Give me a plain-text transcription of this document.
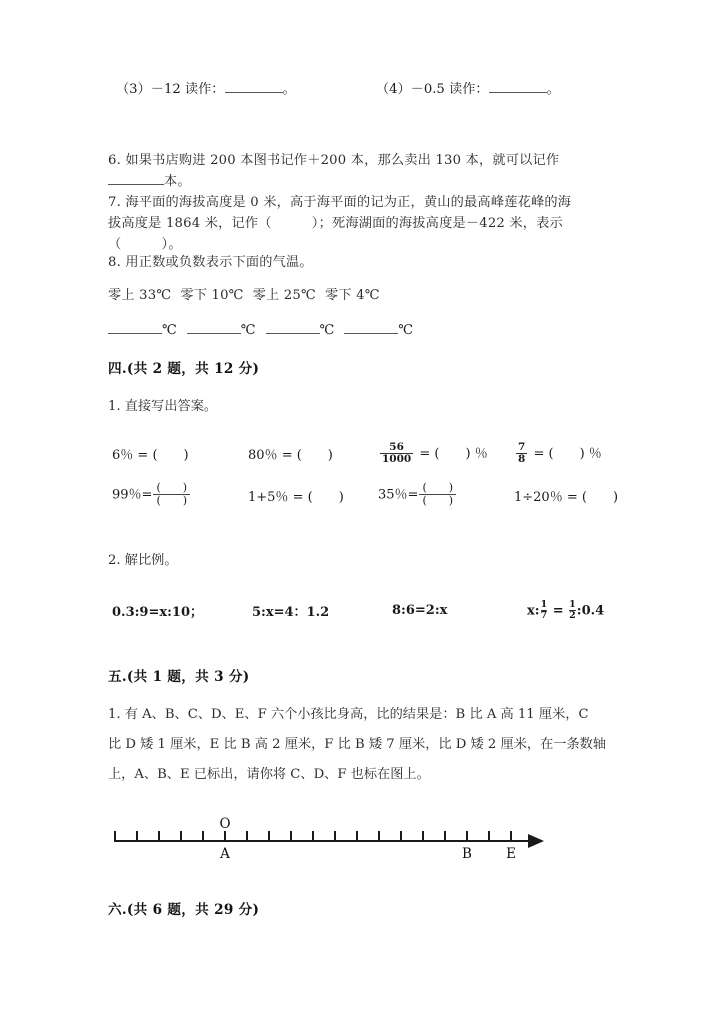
（3）－12 读作：	。	（4）－0.5 读作：	。
6. 如果书店购进 200 本图书记作＋200 本，那么卖出 130 本，就可以记作
本。
7. 海平面的海拔高度是 0 米，高于海平面的记为正，黄山的最高峰莲花峰的海
拔高度是 1864 米，记作（　　　）；死海湖面的海拔高度是－422 米，表示
（　　　）。
8. 用正数或负数表示下面的气温。
零上 33℃ 零下 10℃ 零上 25℃ 零下 4℃
℃	℃	℃	℃
四.(共 2 题，共 12 分)
1. 直接写出答案。
6％ = (　　)	80％ = (　　)	$\frac{56}{1000}$ = (　　) ％	$\frac{7}{8}$ = (　　) ％
99％= $\frac{( )}{( )}$	1+5％ = (　　)	35％= $\frac{( )}{( )}$	1÷20％ = (　　)
2. 解比例。
0.3:9=x:10；	5:x=4：1.2	8:6=2:x	x: $\frac{1}{7} = \frac{1}{2}$ :0.4
五.(共 1 题，共 3 分)
1. 有 A、B、C、D、E、F 六个小孩比身高，比的结果是：B 比 A 高 11 厘米，C
比 D 矮 1 厘米，E 比 B 高 2 厘米，F 比 B 矮 7 厘米，比 D 矮 2 厘米，在一条数轴
上，A、B、E 已标出，请你将 C、D、F 也标在图上。
O
A	B	E
六.(共 6 题，共 29 分)
